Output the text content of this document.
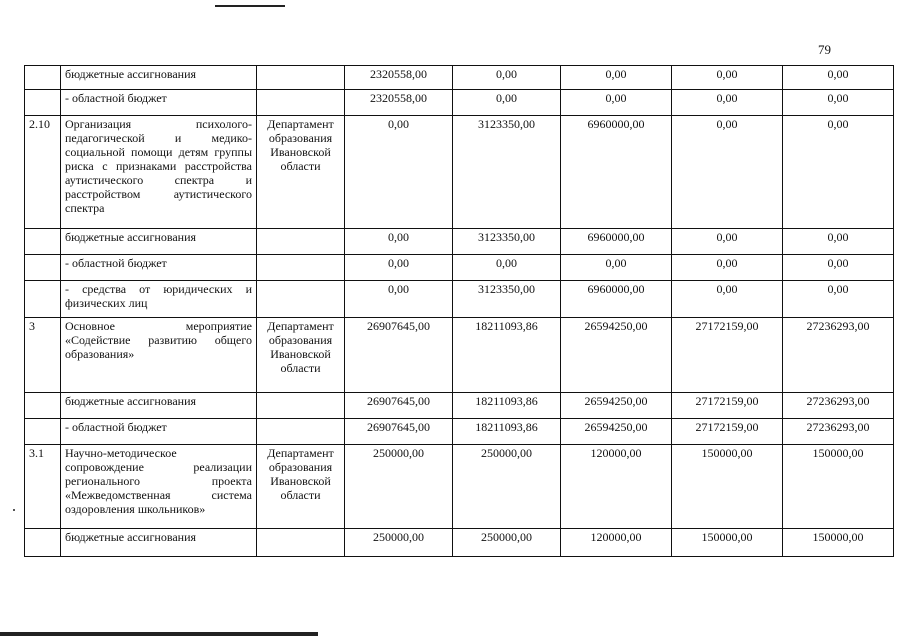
79
	бюджетные ассигнования		2320558,00	0,00	0,00	0,00	0,00
	- областной бюджет		2320558,00	0,00	0,00	0,00	0,00
2.10	Организация психолого-педагогической и медико-социальной помощи детям группы риска с признаками расстройства аутистического спектра и расстройством аутистического спектра	Департамент образования Ивановской области	0,00	3123350,00	6960000,00	0,00	0,00
	бюджетные ассигнования		0,00	3123350,00	6960000,00	0,00	0,00
	- областной бюджет		0,00	0,00	0,00	0,00	0,00
	- средства от юридических и физических лиц		0,00	3123350,00	6960000,00	0,00	0,00
3	Основное мероприятие «Содействие развитию общего образования»	Департамент образования Ивановской области	26907645,00	18211093,86	26594250,00	27172159,00	27236293,00
	бюджетные ассигнования		26907645,00	18211093,86	26594250,00	27172159,00	27236293,00
	- областной бюджет		26907645,00	18211093,86	26594250,00	27172159,00	27236293,00
3.1	Научно-методическое сопровождение реализации регионального проекта «Межведомственная система оздоровления школьников»	Департамент образования Ивановской области	250000,00	250000,00	120000,00	150000,00	150000,00
	бюджетные ассигнования		250000,00	250000,00	120000,00	150000,00	150000,00
